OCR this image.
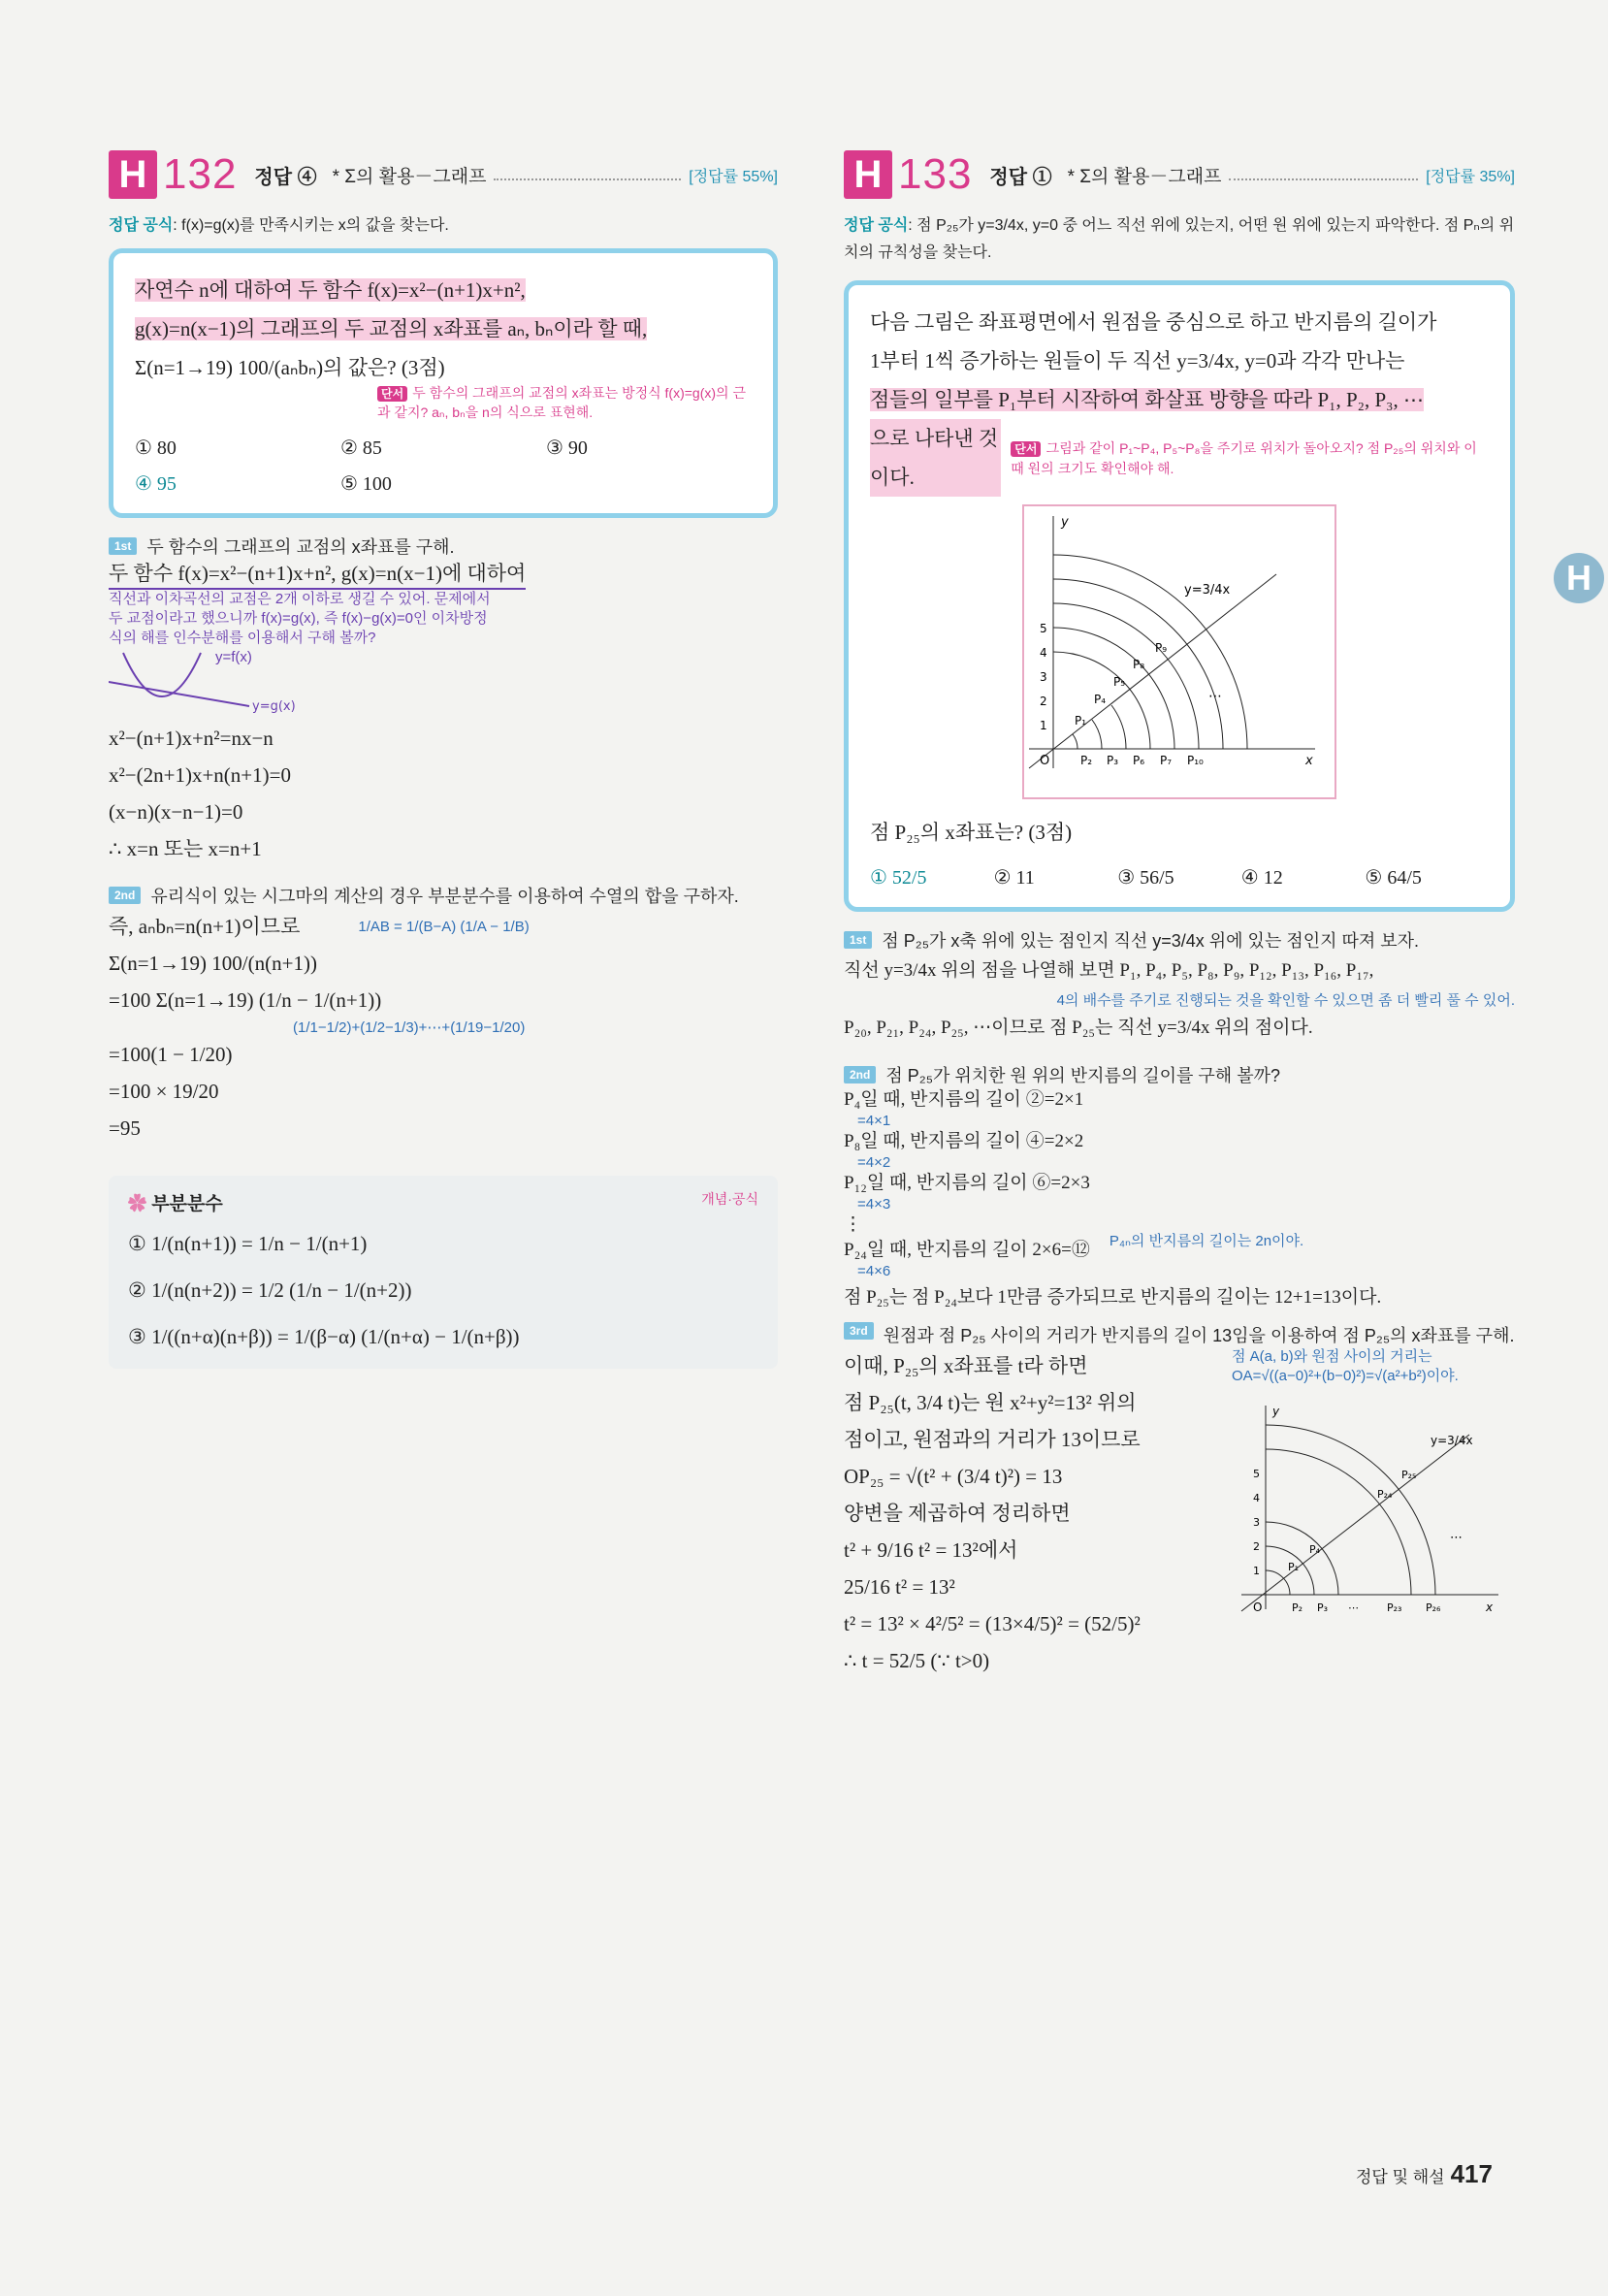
H
H 132 정답 ④ * Σ의 활용－그래프	[정답률 55%]
정답 공식: f(x)=g(x)를 만족시키는 x의 값을 찾는다.
자연수 n에 대하여 두 함수 f(x)=x²−(n+1)x+n²,
g(x)=n(x−1)의 그래프의 두 교점의 x좌표를 aₙ, bₙ이라 할 때,
Σ(n=1→19) 100/(aₙbₙ)의 값은? (3점)
단서 두 함수의 그래프의 교점의 x좌표는 방정식 f(x)=g(x)의 근과 같지? aₙ, bₙ을 n의 식으로 표현해.
① 80	② 85	③ 90
④ 95	⑤ 100
1st 두 함수의 그래프의 교점의 x좌표를 구해.
두 함수 f(x)=x²−(n+1)x+n², g(x)=n(x−1)에 대하여
직선과 이차곡선의 교점은 2개 이하로 생길 수 있어. 문제에서 두 교점이라고 했으니까 f(x)=g(x), 즉 f(x)−g(x)=0인 이차방정식의 해를 인수분해를 이용해서 구해 볼까?
y=f(x)
y=g(x)
x²−(n+1)x+n²=nx−n
x²−(2n+1)x+n(n+1)=0
(x−n)(x−n−1)=0
∴ x=n 또는 x=n+1
2nd 유리식이 있는 시그마의 계산의 경우 부분분수를 이용하여 수열의 합을 구하자.
즉, aₙbₙ=n(n+1)이므로	1/AB = 1/(B−A) (1/A − 1/B)
Σ(n=1→19) 100/(n(n+1))
=100 Σ(n=1→19) (1/n − 1/(n+1))
(1/1−1/2)+(1/2−1/3)+⋯+(1/19−1/20)
=100(1 − 1/20)
=100 × 19/20
=95
✿ 부분분수	개념·공식
① 1/(n(n+1)) = 1/n − 1/(n+1)
② 1/(n(n+2)) = 1/2 (1/n − 1/(n+2))
③ 1/((n+α)(n+β)) = 1/(β−α) (1/(n+α) − 1/(n+β))
H 133 정답 ① * Σ의 활용－그래프	[정답률 35%]
정답 공식: 점 P₂₅가 y=3/4x, y=0 중 어느 직선 위에 있는지, 어떤 원 위에 있는지 파악한다. 점 Pₙ의 위치의 규칙성을 찾는다.
다음 그림은 좌표평면에서 원점을 중심으로 하고 반지름의 길이가
1부터 1씩 증가하는 원들이 두 직선 y=3/4x, y=0과 각각 만나는
점들의 일부를 P₁부터 시작하여 화살표 방향을 따라 P₁, P₂, P₃, ⋯
으로 나타낸 것이다.
단서 그림과 같이 P₁~P₄, P₅~P₈을 주기로 위치가 돌아오지? 점 P₂₅의 위치와 이때 원의 크기도 확인해야 해.
y
x
O
1
2
3
4
5
P₂ P₃ P₆ P₇ P₁₀
P₁
P₄
P₅
P₈
P₉
y=3/4x
⋯
점 P₂₅의 x좌표는? (3점)
① 52/5	② 11	③ 56/5	④ 12	⑤ 64/5
1st 점 P₂₅가 x축 위에 있는 점인지 직선 y=3/4x 위에 있는 점인지 따져 보자.
직선 y=3/4x 위의 점을 나열해 보면 P₁, P₄, P₅, P₈, P₉, P₁₂, P₁₃, P₁₆, P₁₇,
4의 배수를 주기로 진행되는 것을 확인할 수 있으면 좀 더 빨리 풀 수 있어.
P₂₀, P₂₁, P₂₄, P₂₅, ⋯이므로 점 P₂₅는 직선 y=3/4x 위의 점이다.
2nd 점 P₂₅가 위치한 원 위의 반지름의 길이를 구해 볼까?
P₄일 때, 반지름의 길이 ②=2×1
=4×1
P₈일 때, 반지름의 길이 ④=2×2
=4×2
P₁₂일 때, 반지름의 길이 ⑥=2×3
=4×3
⋮
P₂₄일 때, 반지름의 길이 2×6=⑫
=4×6
P₄ₙ의 반지름의 길이는 2n이야.
점 P₂₅는 점 P₂₄보다 1만큼 증가되므로 반지름의 길이는 12+1=13이다.
3rd 원점과 점 P₂₅ 사이의 거리가 반지름의 길이 13임을 이용하여 점 P₂₅의 x좌표를 구해.
이때, P₂₅의 x좌표를 t라 하면
점 P₂₅(t, 3/4 t)는 원 x²+y²=13² 위의
점이고, 원점과의 거리가 13이므로
OP₂₅ = √(t² + (3/4 t)²) = 13
양변을 제곱하여 정리하면
t² + 9/16 t² = 13²에서
25/16 t² = 13²
t² = 13² × 4²/5² = (13×4/5)² = (52/5)²
∴ t = 52/5 (∵ t>0)
점 A(a, b)와 원점 사이의 거리는 OA=√((a−0)²+(b−0)²)=√(a²+b²)이야.
y
x
O
1
2
3
4
5
P₂ P₃ ⋯	P₂₃ P₂₆
P₁
P₄
P₂₄
P₂₅
y=3/4x
⋯
정답 및 해설 417
